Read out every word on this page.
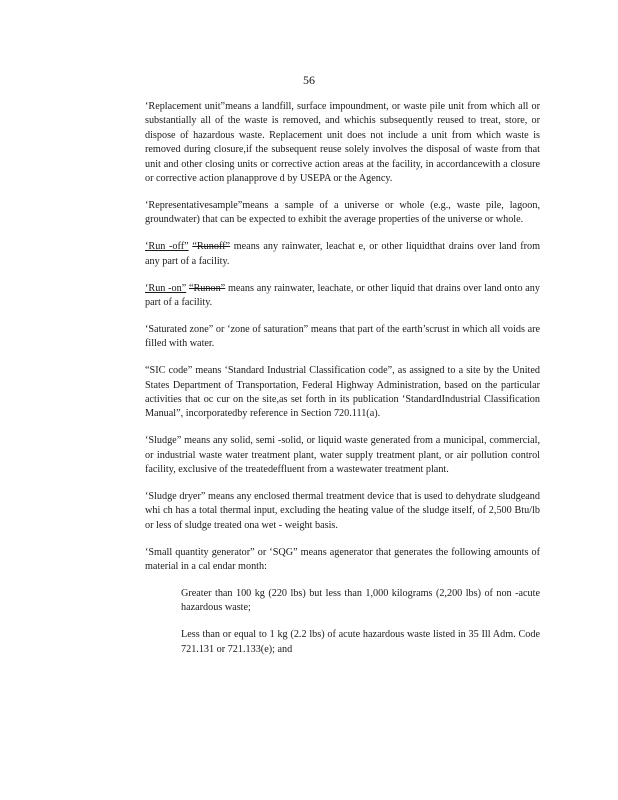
56

‘Replacement unit”means a landfill, surface impoundment, or waste pile unit from which all or substantially all of the waste is removed, and whichis subsequently reused to treat, store, or dispose of hazardous waste. Replacement unit does not include a unit from which waste is removed during closure,if the subsequent reuse solely involves the disposal of waste from that unit and other closing units or corrective action areas at the facility, in accordancewith a closure or corrective action planapprove d by USEPA or the Agency.

‘Representativesample”means a sample of a universe or whole (e.g., waste pile, lagoon, groundwater) that can be expected to exhibit the average properties of the universe or whole.

‘Run -off” “Runoff” means any rainwater, leachat e, or other liquidthat drains over land from any part of a facility.

‘Run -on” “Runon” means any rainwater, leachate, or other liquid that drains over land onto any part of a facility.

‘Saturated zone” or ‘zone of saturation” means that part of the earth’scrust in which all voids are filled with water.

“SIC code” means ‘Standard Industrial Classification code”, as assigned to a site by the United States Department of Transportation, Federal Highway Administration, based on the particular activities that oc cur on the site,as set forth in its publication ‘StandardIndustrial Classification Manual”, incorporatedby reference in Section 720.111(a).

‘Sludge” means any solid, semi -solid, or liquid waste generated from a municipal, commercial, or industrial waste water treatment plant, water supply treatment plant, or air pollution control facility, exclusive of the treatedeffluent from a wastewater treatment plant.

‘Sludge dryer” means any enclosed thermal treatment device that is used to dehydrate sludgeand whi ch has a total thermal input, excluding the heating value of the sludge itself, of 2,500 Btu/lb or less of sludge treated ona wet - weight basis.

‘Small quantity generator” or ‘SQG” means agenerator that generates the following amounts of material in a cal endar month:

Greater than 100 kg (220 lbs) but less than 1,000 kilograms (2,200 lbs) of non -acute hazardous waste;

Less than or equal to 1 kg (2.2 lbs) of acute hazardous waste listed in 35 Ill Adm. Code 721.131 or 721.133(e); and
